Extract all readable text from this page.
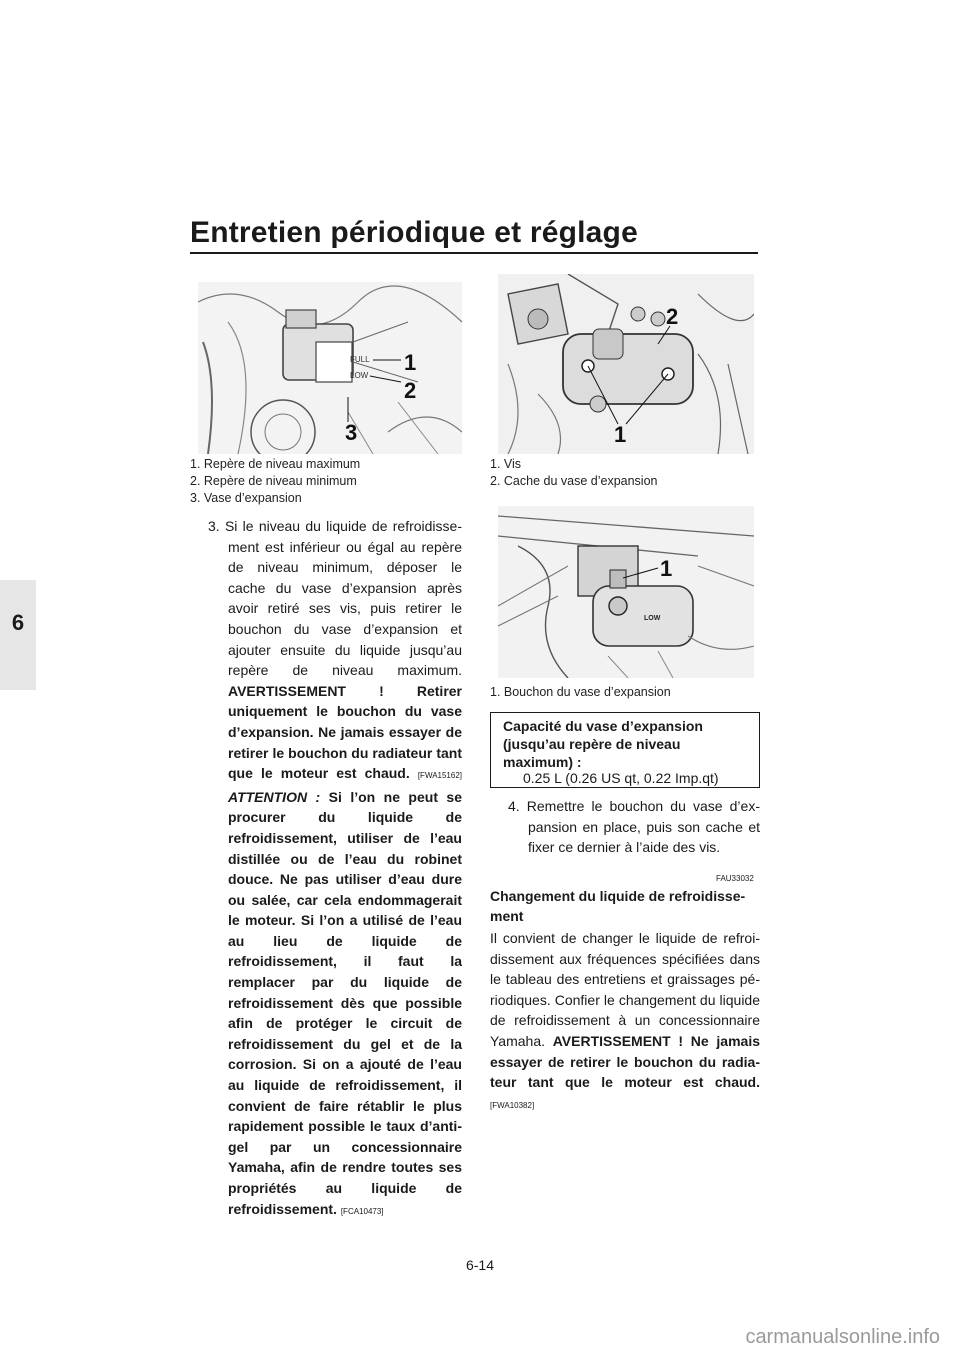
Entretien périodique et réglage
6
FULL
LOW
1
2
3
1. Repère de niveau maximum
2. Repère de niveau minimum
3. Vase d’expansion
2
1
1. Vis
2. Cache du vase d’expansion
LOW
1
1. Bouchon du vase d’expansion
3. Si le niveau du liquide de refroidissement est inférieur ou égal au repère de niveau minimum, déposer le cache du vase d’expansion après avoir retiré ses vis, puis retirer le bouchon du vase d’expansion et ajouter ensuite du liquide jusqu’au repère de niveau maximum. AVERTISSEMENT ! Retirer uniquement le bouchon du vase d’expansion. Ne jamais essayer de retirer le bouchon du radiateur tant que le moteur est chaud. [FWA15162] ATTENTION : Si l’on ne peut se procurer du liquide de refroidissement, utiliser de l’eau distillée ou de l’eau du robinet douce. Ne pas utiliser d’eau dure ou salée, car cela endommagerait le moteur. Si l’on a utilisé de l’eau au lieu de liquide de refroidissement, il faut la remplacer par du liquide de refroidissement dès que possible afin de protéger le circuit de refroidissement du gel et de la corrosion. Si on a ajouté de l’eau au liquide de refroidissement, il convient de faire rétablir le plus rapidement possible le taux d’antigel par un concessionnaire Yamaha, afin de rendre toutes ses propriétés au liquide de refroidissement. [FCA10473]
Capacité du vase d’expansion
(jusqu’au repère de niveau
maximum) :
0.25 L (0.26 US qt, 0.22 Imp.qt)
4. Remettre le bouchon du vase d’expansion en place, puis son cache et fixer ce dernier à l’aide des vis.
FAU33032
Changement du liquide de refroidissement
Il convient de changer le liquide de refroidissement aux fréquences spécifiées dans le tableau des entretiens et graissages périodiques. Confier le changement du liquide de refroidissement à un concessionnaire Yamaha. AVERTISSEMENT ! Ne jamais essayer de retirer le bouchon du radiateur tant que le moteur est chaud. [FWA10382]
6-14
carmanualsonline.info
